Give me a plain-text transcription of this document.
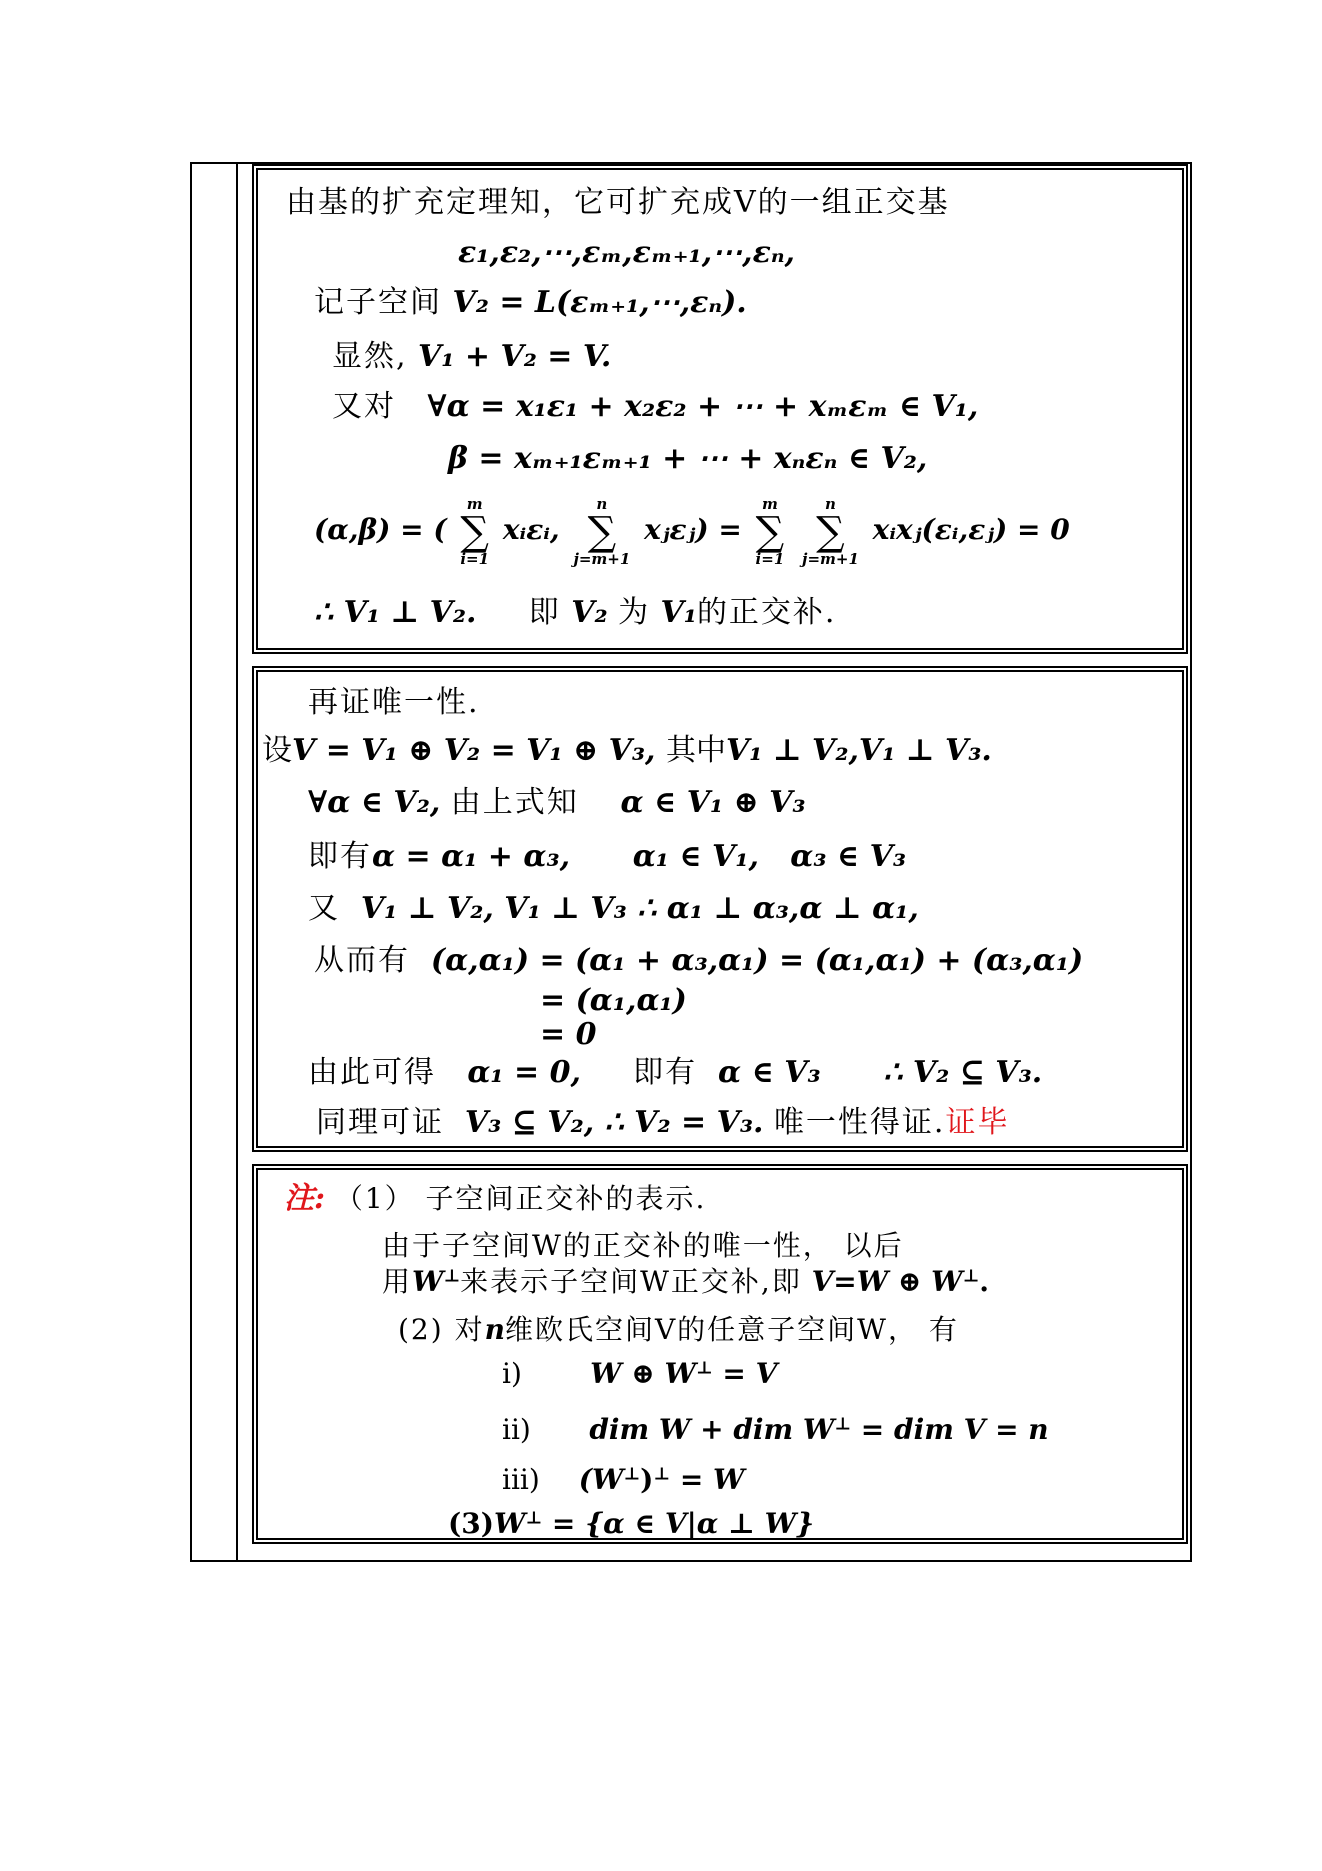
由基的扩充定理知，它可扩充成V的一组正交基
ε₁,ε₂,⋯,εₘ,εₘ₊₁,⋯,εₙ,
记子空间 V₂ = L(εₘ₊₁,⋯,εₙ).
显然, V₁ + V₂ = V.
又对 ∀α = x₁ε₁ + x₂ε₂ + ⋯ + xₘεₘ ∈ V₁,
β = xₘ₊₁εₘ₊₁ + ⋯ + xₙεₙ ∈ V₂,
(α,β) = (
m
∑
i=1
xᵢεᵢ,
n
∑
j=m+1
xⱼεⱼ) =
m
∑
i=1

n
∑
j=m+1
xᵢxⱼ(εᵢ,εⱼ) = 0
∴ V₁ ⊥ V₂. 即 V₂ 为 V₁的正交补.
再证唯一性.
设V = V₁ ⊕ V₂ = V₁ ⊕ V₃, 其中V₁ ⊥ V₂,V₁ ⊥ V₃.
∀α ∈ V₂, 由上式知 α ∈ V₁ ⊕ V₃
即有α = α₁ + α₃, α₁ ∈ V₁, α₃ ∈ V₃
又 V₁ ⊥ V₂, V₁ ⊥ V₃ ∴ α₁ ⊥ α₃,α ⊥ α₁,
从而有 (α,α₁) = (α₁ + α₃,α₁) = (α₁,α₁) + (α₃,α₁)
= (α₁,α₁)
= 0
由此可得 α₁ = 0, 即有 α ∈ V₃ ∴ V₂ ⊆ V₃.
同理可证 V₃ ⊆ V₂, ∴ V₂ = V₃. 唯一性得证.证毕
注: （1） 子空间正交补的表示.
由于子空间W的正交补的唯一性， 以后
用W⊥来表示子空间W正交补,即 V=W ⊕ W⊥.
(2) 对n维欧氏空间V的任意子空间W， 有
i) W ⊕ W⊥ = V
ii) dim W + dim W⊥ = dim V = n
iii) (W⊥)⊥ = W
(3)W⊥ = {α ∈ V|α ⊥ W}
